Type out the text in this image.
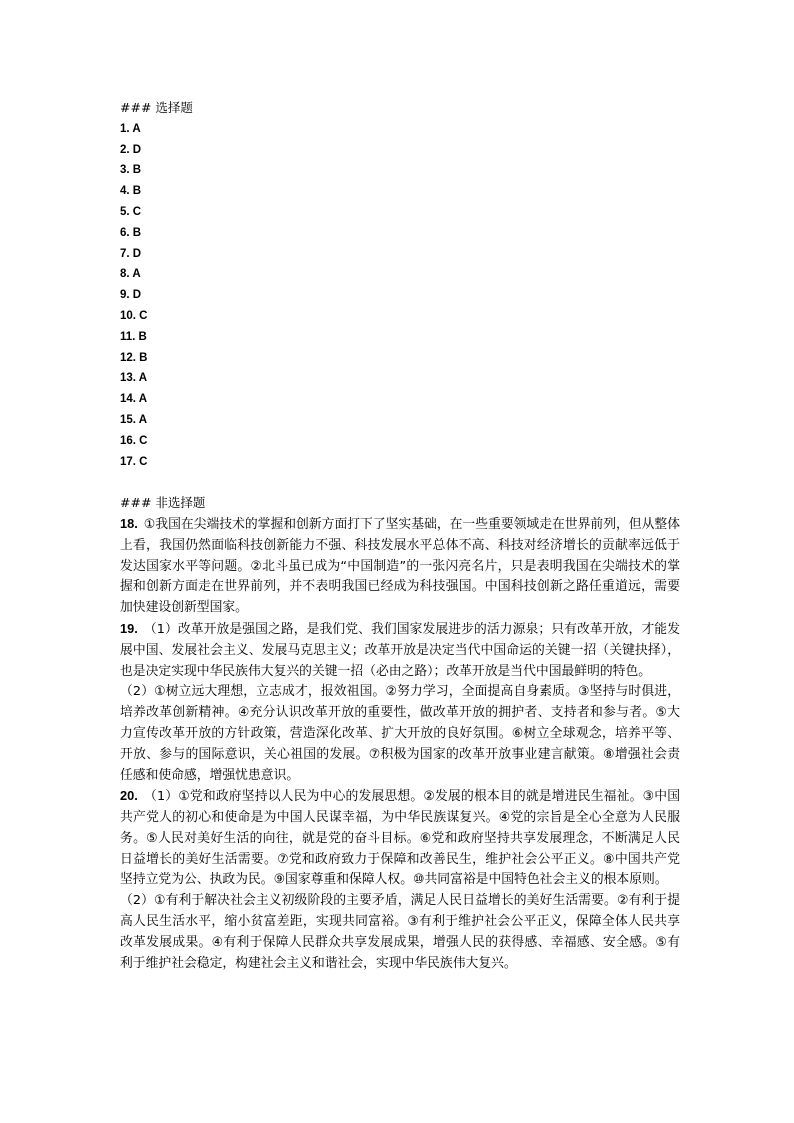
### 选择题
1. A
2. D
3. B
4. B
5. C
6. B
7. D
8. A
9. D
10. C
11. B
12. B
13. A
14. A
15. A
16. C
17. C
### 非选择题

18. ①我国在尖端技术的掌握和创新方面打下了坚实基础，在一些重要领域走在世界前列，但从整体上看，我国仍然面临科技创新能力不强、科技发展水平总体不高、科技对经济增长的贡献率远低于发达国家水平等问题。②北斗虽已成为“中国制造”的一张闪亮名片，只是表明我国在尖端技术的掌握和创新方面走在世界前列，并不表明我国已经成为科技强国。中国科技创新之路任重道远，需要加快建设创新型国家。

19. （1）改革开放是强国之路，是我们党、我们国家发展进步的活力源泉；只有改革开放，才能发展中国、发展社会主义、发展马克思主义；改革开放是决定当代中国命运的关键一招（关键抉择），也是决定实现中华民族伟大复兴的关键一招（必由之路）；改革开放是当代中国最鲜明的特色。

（2）①树立远大理想，立志成才，报效祖国。②努力学习，全面提高自身素质。③坚持与时俱进，培养改革创新精神。④充分认识改革开放的重要性，做改革开放的拥护者、支持者和参与者。⑤大力宣传改革开放的方针政策，营造深化改革、扩大开放的良好氛围。⑥树立全球观念，培养平等、开放、参与的国际意识，关心祖国的发展。⑦积极为国家的改革开放事业建言献策。⑧增强社会责任感和使命感，增强忧患意识。

20. （1）①党和政府坚持以人民为中心的发展思想。②发展的根本目的就是增进民生福祉。③中国共产党人的初心和使命是为中国人民谋幸福，为中华民族谋复兴。④党的宗旨是全心全意为人民服务。⑤人民对美好生活的向往，就是党的奋斗目标。⑥党和政府坚持共享发展理念，不断满足人民日益增长的美好生活需要。⑦党和政府致力于保障和改善民生，维护社会公平正义。⑧中国共产党坚持立党为公、执政为民。⑨国家尊重和保障人权。⑩共同富裕是中国特色社会主义的根本原则。

（2）①有利于解决社会主义初级阶段的主要矛盾，满足人民日益增长的美好生活需要。②有利于提高人民生活水平，缩小贫富差距，实现共同富裕。③有利于维护社会公平正义，保障全体人民共享改革发展成果。④有利于保障人民群众共享发展成果，增强人民的获得感、幸福感、安全感。⑤有利于维护社会稳定，构建社会主义和谐社会，实现中华民族伟大复兴。
